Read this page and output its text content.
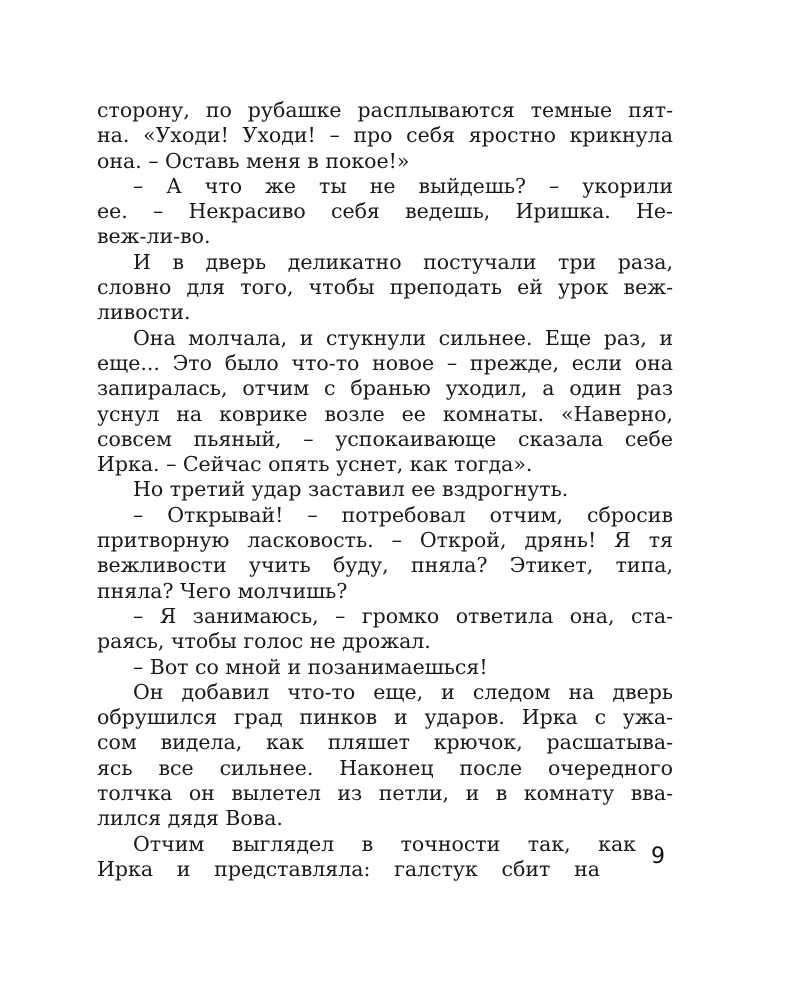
сторону, по рубашке расплываются темные пят-
на. «Уходи! Уходи! – про себя яростно крикнула
она. – Оставь меня в покое!»
– А что же ты не выйдешь? – укорили
ее. – Некрасиво себя ведешь, Иришка. Не-
веж-ли-во.
И в дверь деликатно постучали три раза,
словно для того, чтобы преподать ей урок веж-
ливости.
Она молчала, и стукнули сильнее. Еще раз, и
еще... Это было что-то новое – прежде, если она
запиралась, отчим с бранью уходил, а один раз
уснул на коврике возле ее комнаты. «Наверно,
совсем пьяный, – успокаивающе сказала себе
Ирка. – Сейчас опять уснет, как тогда».
Но третий удар заставил ее вздрогнуть.
– Открывай! – потребовал отчим, сбросив
притворную ласковость. – Открой, дрянь! Я тя
вежливости учить буду, пняла? Этикет, типа,
пняла? Чего молчишь?
– Я занимаюсь, – громко ответила она, ста-
раясь, чтобы голос не дрожал.
– Вот со мной и позанимаешься!
Он добавил что-то еще, и следом на дверь
обрушился град пинков и ударов. Ирка с ужа-
сом видела, как пляшет крючок, расшатыва-
ясь все сильнее. Наконец после очередного
толчка он вылетел из петли, и в комнату вва-
лился дядя Вова.
Отчим выглядел в точности так, как
Ирка и представляла: галстук сбит на 9
